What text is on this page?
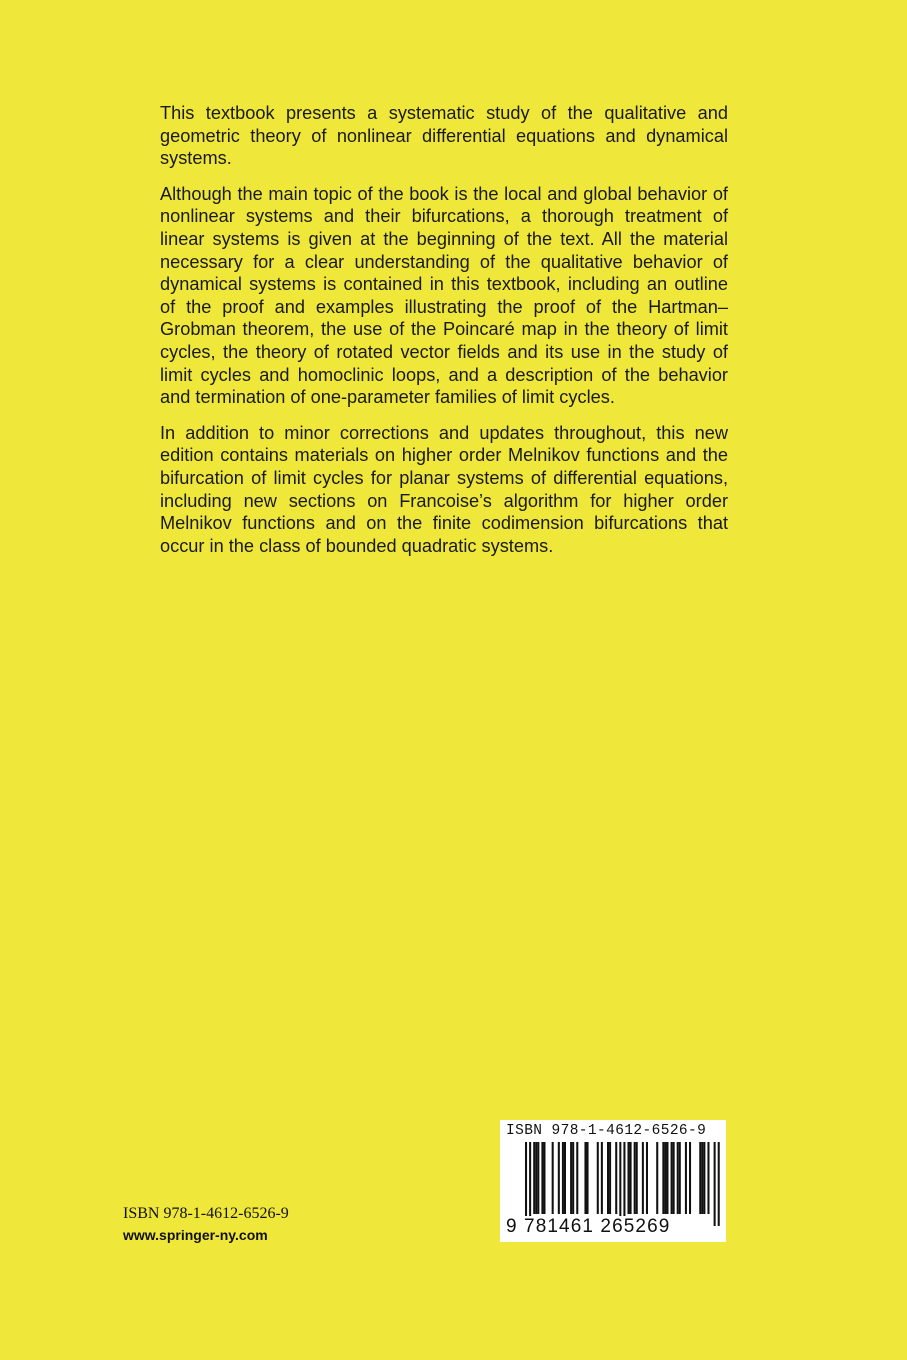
This textbook presents a systematic study of the qualitative and geometric theory of nonlinear differential equations and dynamical systems.

Although the main topic of the book is the local and global behavior of nonlinear systems and their bifurcations, a thorough treatment of linear systems is given at the beginning of the text. All the material necessary for a clear understanding of the qualitative behavior of dynamical systems is contained in this textbook, including an outline of the proof and examples illustrating the proof of the Hartman–Grobman theorem, the use of the Poincaré map in the theory of limit cycles, the theory of rotated vector fields and its use in the study of limit cycles and homoclinic loops, and a description of the behavior and termination of one-parameter families of limit cycles.

In addition to minor corrections and updates throughout, this new edition contains materials on higher order Melnikov functions and the bifurcation of limit cycles for planar systems of differential equations, including new sections on Francoise’s algorithm for higher order Melnikov functions and on the finite codimension bifurcations that occur in the class of bounded quadratic systems.

ISBN 978-1-4612-6526-9
www.springer-ny.com
ISBN 978-1-4612-6526-9
9 781461 265269
